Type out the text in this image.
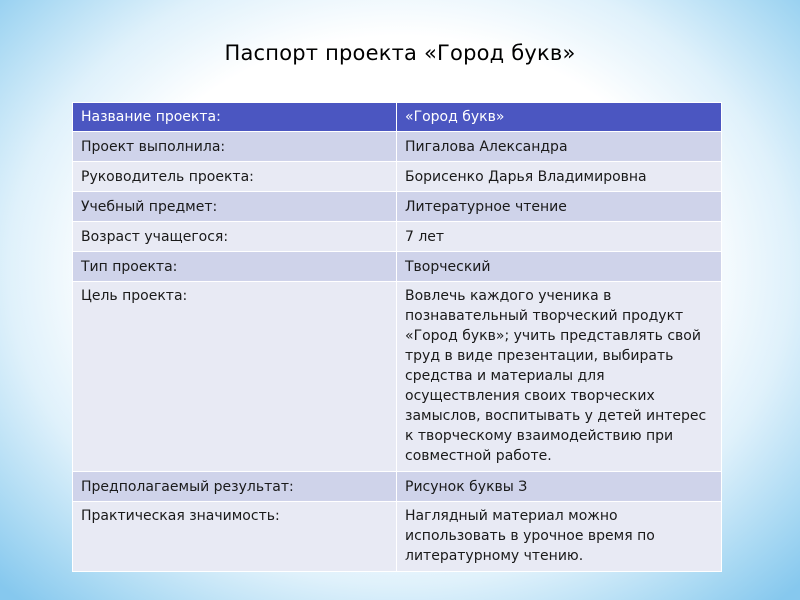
Паспорт проекта «Город букв»
Название проекта:	«Город букв»
Проект выполнила:	Пигалова Александра
Руководитель проекта:	Борисенко Дарья Владимировна
Учебный предмет:	Литературное чтение
Возраст учащегося:	7 лет
Тип проекта:	Творческий
Цель проекта:	Вовлечь каждого ученика в познавательный творческий продукт «Город букв»; учить представлять свой труд в виде презентации, выбирать средства и материалы для осуществления своих творческих замыслов, воспитывать у детей интерес к творческому взаимодействию при совместной работе.
Предполагаемый результат:	Рисунок буквы З
Практическая значимость:	Наглядный материал можно использовать в урочное время по литературному чтению.
